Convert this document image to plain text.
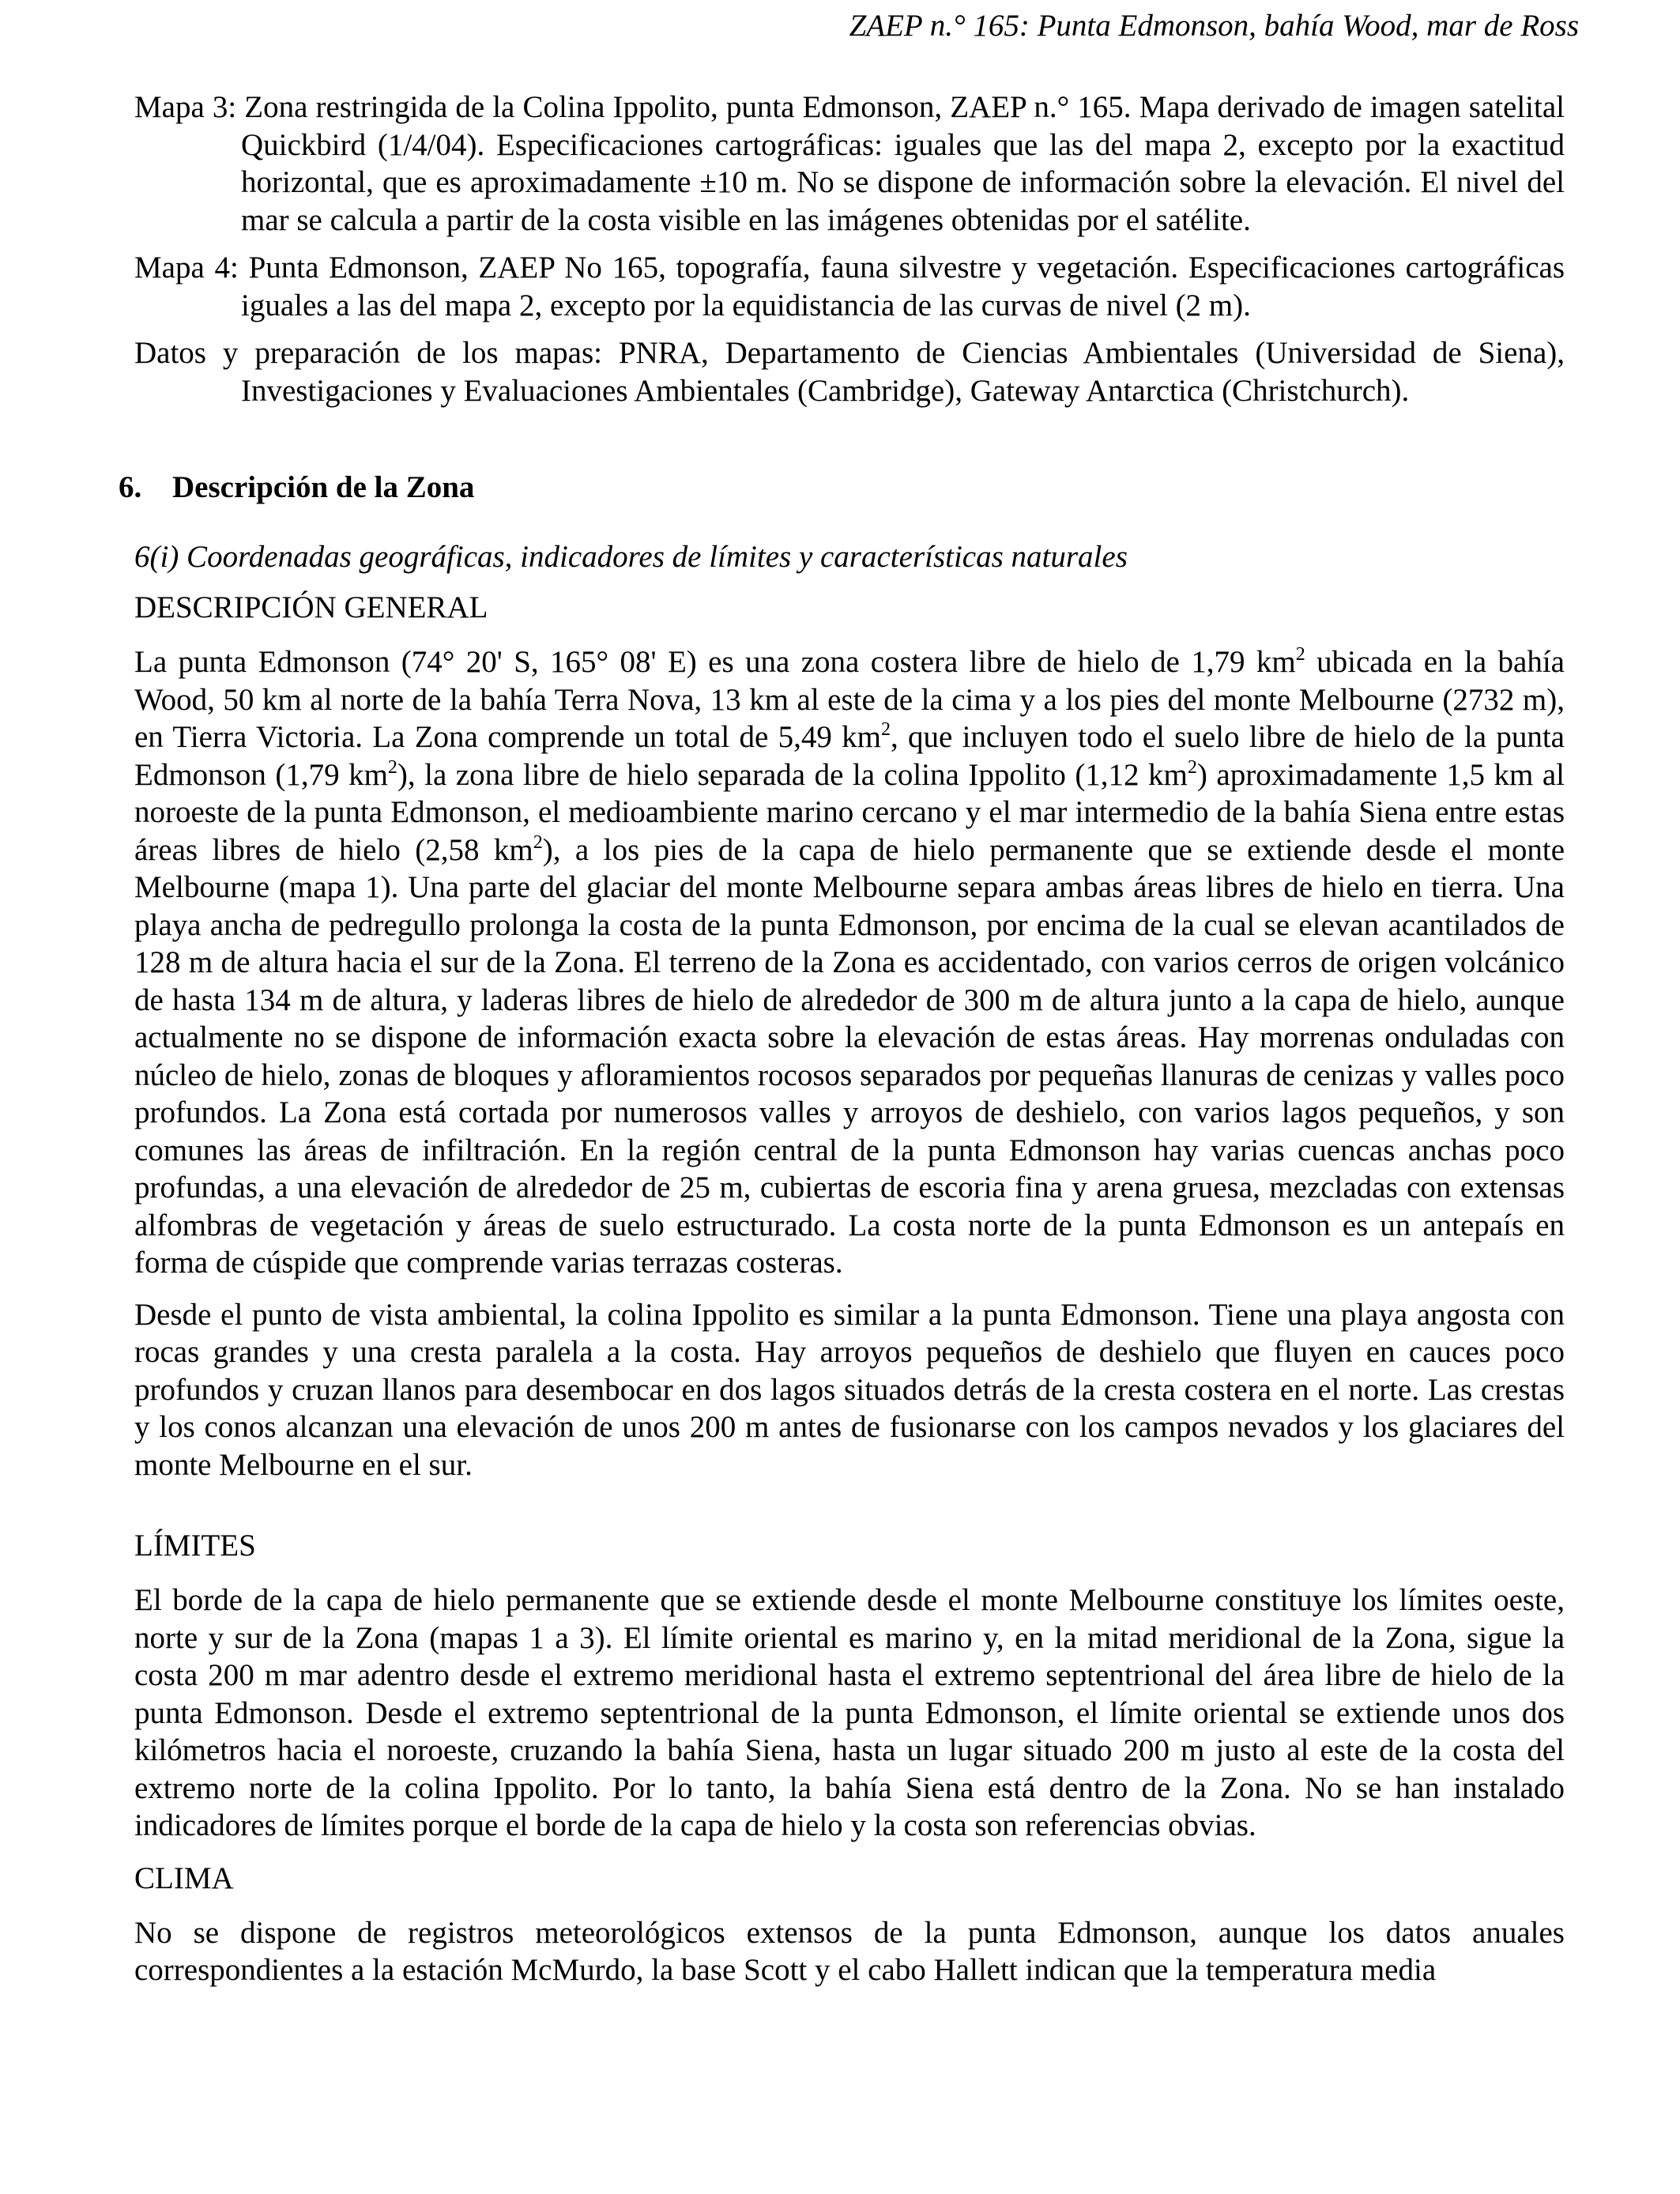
ZAEP n.° 165: Punta Edmonson, bahía Wood, mar de Ross

Mapa 3: Zona restringida de la Colina Ippolito, punta Edmonson, ZAEP n.° 165. Mapa derivado de imagen satelital Quickbird (1/4/04). Especificaciones cartográficas: iguales que las del mapa 2, excepto por la exactitud horizontal, que es aproximadamente ±10 m. No se dispone de información sobre la elevación. El nivel del mar se calcula a partir de la costa visible en las imágenes obtenidas por el satélite.

Mapa 4: Punta Edmonson, ZAEP No 165, topografía, fauna silvestre y vegetación. Especificaciones cartográficas iguales a las del mapa 2, excepto por la equidistancia de las curvas de nivel (2 m).

Datos y preparación de los mapas: PNRA, Departamento de Ciencias Ambientales (Universidad de Siena), Investigaciones y Evaluaciones Ambientales (Cambridge), Gateway Antarctica (Christchurch).

6. Descripción de la Zona
6(i) Coordenadas geográficas, indicadores de límites y características naturales
DESCRIPCIÓN GENERAL

La punta Edmonson (74° 20' S, 165° 08' E) es una zona costera libre de hielo de 1,79 $km^2$ ubicada en la bahía Wood, 50 km al norte de la bahía Terra Nova, 13 km al este de la cima y a los pies del monte Melbourne (2732 m), en Tierra Victoria. La Zona comprende un total de 5,49 $km^2$, que incluyen todo el suelo libre de hielo de la punta Edmonson (1,79 $km^2$), la zona libre de hielo separada de la colina Ippolito (1,12 $km^2$) aproximadamente 1,5 km al noroeste de la punta Edmonson, el medioambiente marino cercano y el mar intermedio de la bahía Siena entre estas áreas libres de hielo (2,58 $km^2$), a los pies de la capa de hielo permanente que se extiende desde el monte Melbourne (mapa 1). Una parte del glaciar del monte Melbourne separa ambas áreas libres de hielo en tierra. Una playa ancha de pedregullo prolonga la costa de la punta Edmonson, por encima de la cual se elevan acantilados de 128 m de altura hacia el sur de la Zona. El terreno de la Zona es accidentado, con varios cerros de origen volcánico de hasta 134 m de altura, y laderas libres de hielo de alrededor de 300 m de altura junto a la capa de hielo, aunque actualmente no se dispone de información exacta sobre la elevación de estas áreas. Hay morrenas onduladas con núcleo de hielo, zonas de bloques y afloramientos rocosos separados por pequeñas llanuras de cenizas y valles poco profundos. La Zona está cortada por numerosos valles y arroyos de deshielo, con varios lagos pequeños, y son comunes las áreas de infiltración. En la región central de la punta Edmonson hay varias cuencas anchas poco profundas, a una elevación de alrededor de 25 m, cubiertas de escoria fina y arena gruesa, mezcladas con extensas alfombras de vegetación y áreas de suelo estructurado. La costa norte de la punta Edmonson es un antepaís en forma de cúspide que comprende varias terrazas costeras.

Desde el punto de vista ambiental, la colina Ippolito es similar a la punta Edmonson. Tiene una playa angosta con rocas grandes y una cresta paralela a la costa. Hay arroyos pequeños de deshielo que fluyen en cauces poco profundos y cruzan llanos para desembocar en dos lagos situados detrás de la cresta costera en el norte. Las crestas y los conos alcanzan una elevación de unos 200 m antes de fusionarse con los campos nevados y los glaciares del monte Melbourne en el sur.

LÍMITES

El borde de la capa de hielo permanente que se extiende desde el monte Melbourne constituye los límites oeste, norte y sur de la Zona (mapas 1 a 3). El límite oriental es marino y, en la mitad meridional de la Zona, sigue la costa 200 m mar adentro desde el extremo meridional hasta el extremo septentrional del área libre de hielo de la punta Edmonson. Desde el extremo septentrional de la punta Edmonson, el límite oriental se extiende unos dos kilómetros hacia el noroeste, cruzando la bahía Siena, hasta un lugar situado 200 m justo al este de la costa del extremo norte de la colina Ippolito. Por lo tanto, la bahía Siena está dentro de la Zona. No se han instalado indicadores de límites porque el borde de la capa de hielo y la costa son referencias obvias.

CLIMA

No se dispone de registros meteorológicos extensos de la punta Edmonson, aunque los datos anuales correspondientes a la estación McMurdo, la base Scott y el cabo Hallett indican que la temperatura media
